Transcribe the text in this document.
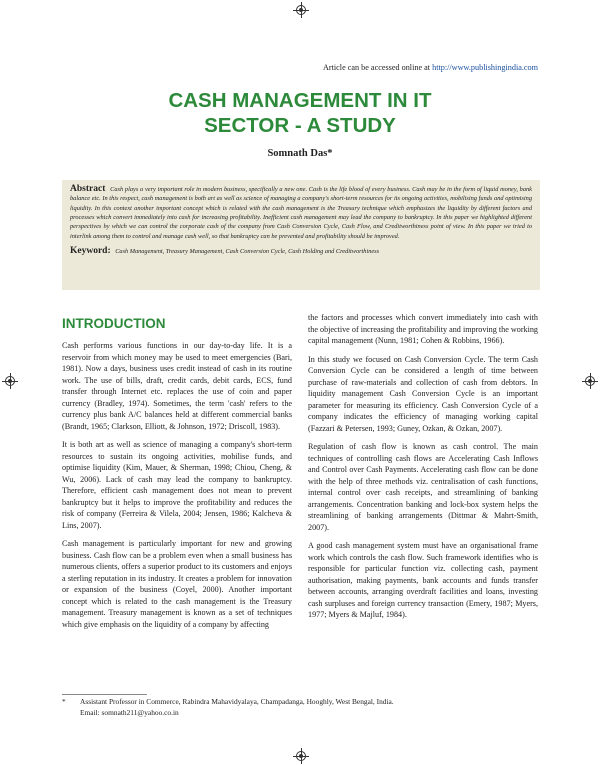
Article can be accessed online at http://www.publishingindia.com
CASH MANAGEMENT IN IT
SECTOR - A STUDY
Somnath Das*

Abstract Cash plays a very important role in modern business, specifically a new one. Cash is the life blood of every business. Cash may be in the form of liquid money, bank balance etc. In this respect, cash management is both art as well as science of managing a company's short-term resources for its ongoing activities, mobilising funds and optimising liquidity. In this context another important concept which is related with the cash management is the Treasury technique which emphasizes the liquidity by different factors and processes which convert immediately into cash for increasing profitability. Inefficient cash management may lead the company to bankruptcy. In this paper we highlighted different perspectives by which we can control the corporate cash of the company from Cash Conversion Cycle, Cash Flow, and Creditworthiness point of view. In this paper we tried to interlink among them to control and manage cash well, so that bankruptcy can be prevented and profitability should be improved.

Keyword: Cash Management, Treasury Management, Cash Conversion Cycle, Cash Holding and Creditworthiness
INTRODUCTION

Cash performs various functions in our day-to-day life. It is a reservoir from which money may be used to meet emergencies (Bari, 1981). Now a days, business uses credit instead of cash in its routine work. The use of bills, draft, credit cards, debit cards, ECS, fund transfer through Internet etc. replaces the use of coin and paper currency (Bradley, 1974). Sometimes, the term 'cash' refers to the currency plus bank A/C balances held at different commercial banks (Brandt, 1965; Clarkson, Elliott, & Johnson, 1972; Driscoll, 1983).

It is both art as well as science of managing a company's short-term resources to sustain its ongoing activities, mobilise funds, and optimise liquidity (Kim, Mauer, & Sherman, 1998; Chiou, Cheng, & Wu, 2006). Lack of cash may lead the company to bankruptcy. Therefore, efficient cash management does not mean to prevent bankruptcy but it helps to improve the profitability and reduces the risk of company (Ferreira & Vilela, 2004; Jensen, 1986; Kalcheva & Lins, 2007).

Cash management is particularly important for new and growing business. Cash flow can be a problem even when a small business has numerous clients, offers a superior product to its customers and enjoys a sterling reputation in its industry. It creates a problem for innovation or expansion of the business (Coyel, 2000). Another important concept which is related to the cash management is the Treasury management. Treasury management is known as a set of techniques which give emphasis on the liquidity of a company by affecting

the factors and processes which convert immediately into cash with the objective of increasing the profitability and improving the working capital management (Nunn, 1981; Cohen & Robbins, 1966).

In this study we focused on Cash Conversion Cycle. The term Cash Conversion Cycle can be considered a length of time between purchase of raw-materials and collection of cash from debtors. In liquidity management Cash Conversion Cycle is an important parameter for measuring its efficiency. Cash Conversion Cycle of a company indicates the efficiency of managing working capital (Fazzari & Petersen, 1993; Guney, Ozkan, & Ozkan, 2007).

Regulation of cash flow is known as cash control. The main techniques of controlling cash flows are Accelerating Cash Inflows and Control over Cash Payments. Accelerating cash flow can be done with the help of three methods viz. centralisation of cash functions, internal control over cash receipts, and streamlining of banking arrangements. Concentration banking and lock-box system helps the streamlining of banking arrangements (Dittmar & Mahrt-Smith, 2007).

A good cash management system must have an organisational frame work which controls the cash flow. Such framework identifies who is responsible for particular function viz. collecting cash, payment authorisation, making payments, bank accounts and funds transfer between accounts, arranging overdraft facilities and loans, investing cash surpluses and foreign currency transaction (Emery, 1987; Myers, 1977; Myers & Majluf, 1984).

* Assistant Professor in Commerce, Rabindra Mahavidyalaya, Champadanga, Hooghly, West Bengal, India.
Email: somnath211@yahoo.co.in
